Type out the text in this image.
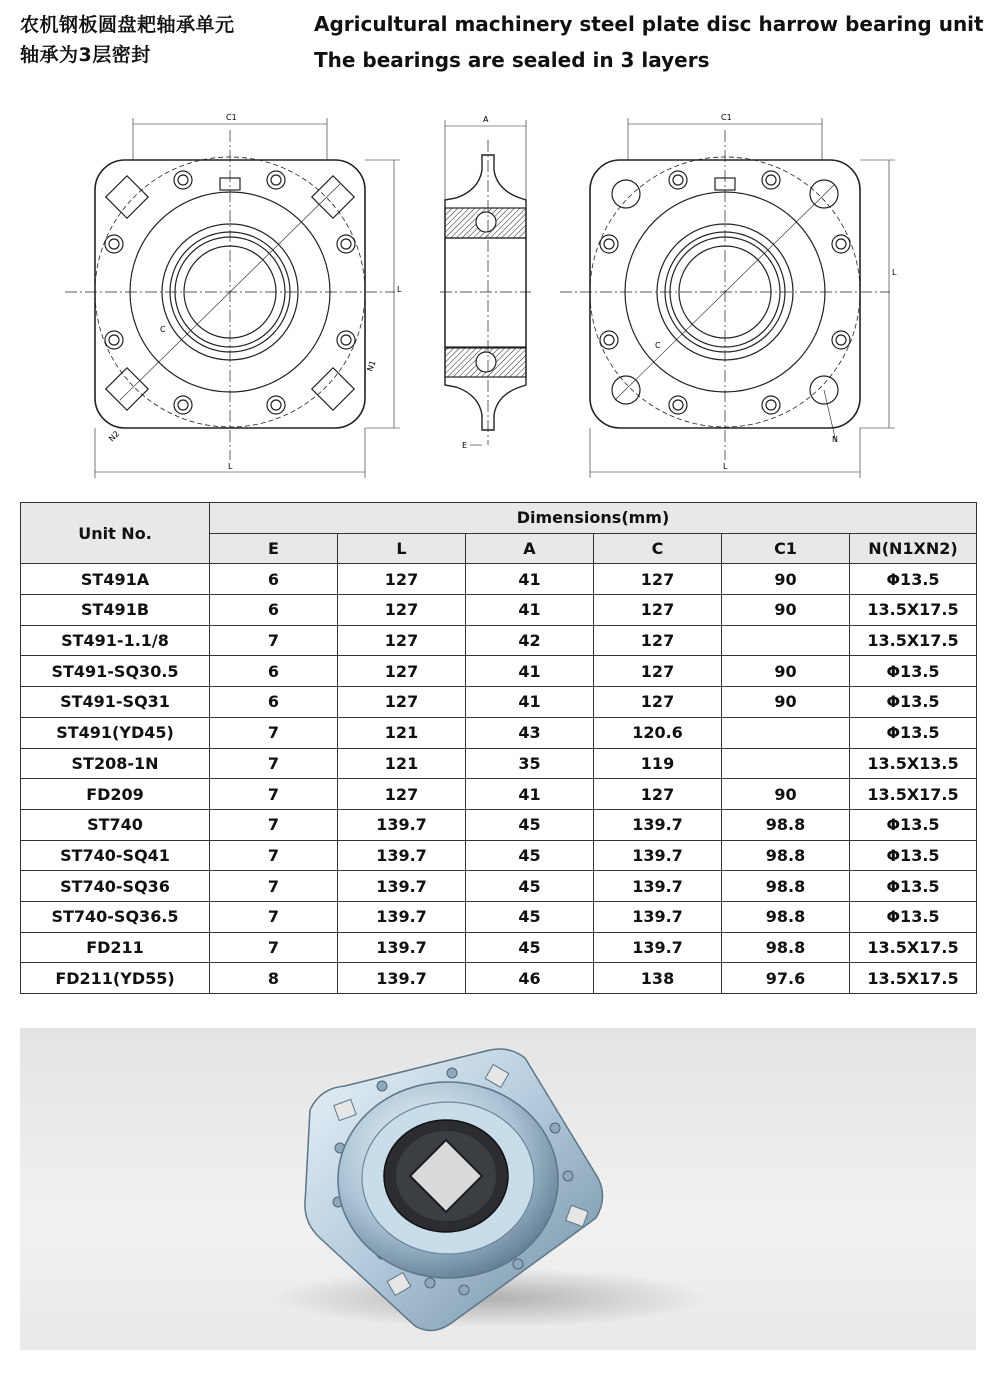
农机钢板圆盘耙轴承单元
轴承为3层密封
Agricultural machinery steel plate disc harrow bearing unit
The bearings are sealed in 3 layers
C1
L
L
C
N1
N2
A
E
C1
L
L
C
N
Unit No.	Dimensions(mm)					
	E	L	A	C	C1	N(N1XN2)
ST491A	6	127	41	127	90	Φ13.5
ST491B	6	127	41	127	90	13.5X17.5
ST491-1.1/8	7	127	42	127		13.5X17.5
ST491-SQ30.5	6	127	41	127	90	Φ13.5
ST491-SQ31	6	127	41	127	90	Φ13.5
ST491(YD45)	7	121	43	120.6		Φ13.5
ST208-1N	7	121	35	119		13.5X13.5
FD209	7	127	41	127	90	13.5X17.5
ST740	7	139.7	45	139.7	98.8	Φ13.5
ST740-SQ41	7	139.7	45	139.7	98.8	Φ13.5
ST740-SQ36	7	139.7	45	139.7	98.8	Φ13.5
ST740-SQ36.5	7	139.7	45	139.7	98.8	Φ13.5
FD211	7	139.7	45	139.7	98.8	13.5X17.5
FD211(YD55)	8	139.7	46	138	97.6	13.5X17.5
